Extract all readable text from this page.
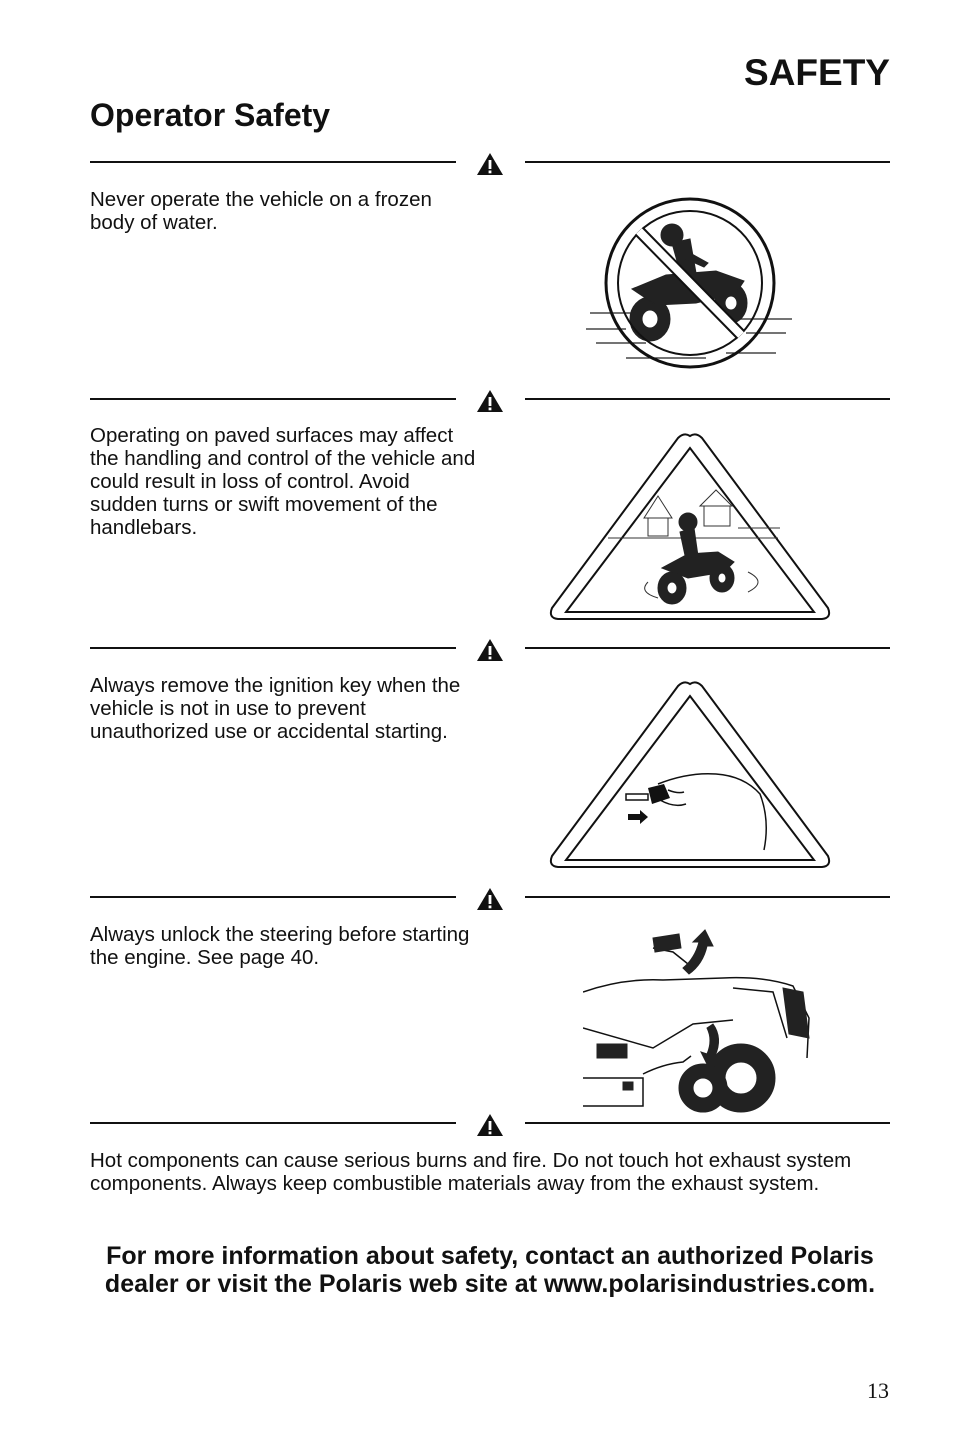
SAFETY
Operator Safety
Never operate the vehicle on a frozen body of water.
Operating on paved surfaces may affect the handling and control of the vehicle and could result in loss of control. Avoid sudden turns or swift movement of the handlebars.
Always remove the ignition key when the vehicle is not in use to prevent unauthorized use or accidental starting.
Always unlock the steering before starting the engine. See page 40.
Hot components can cause serious burns and fire. Do not touch hot exhaust system components. Always keep combustible materials away from the exhaust system.
For more information about safety, contact an authorized Polaris dealer or visit the Polaris web site at www.polarisindustries.com.
13
